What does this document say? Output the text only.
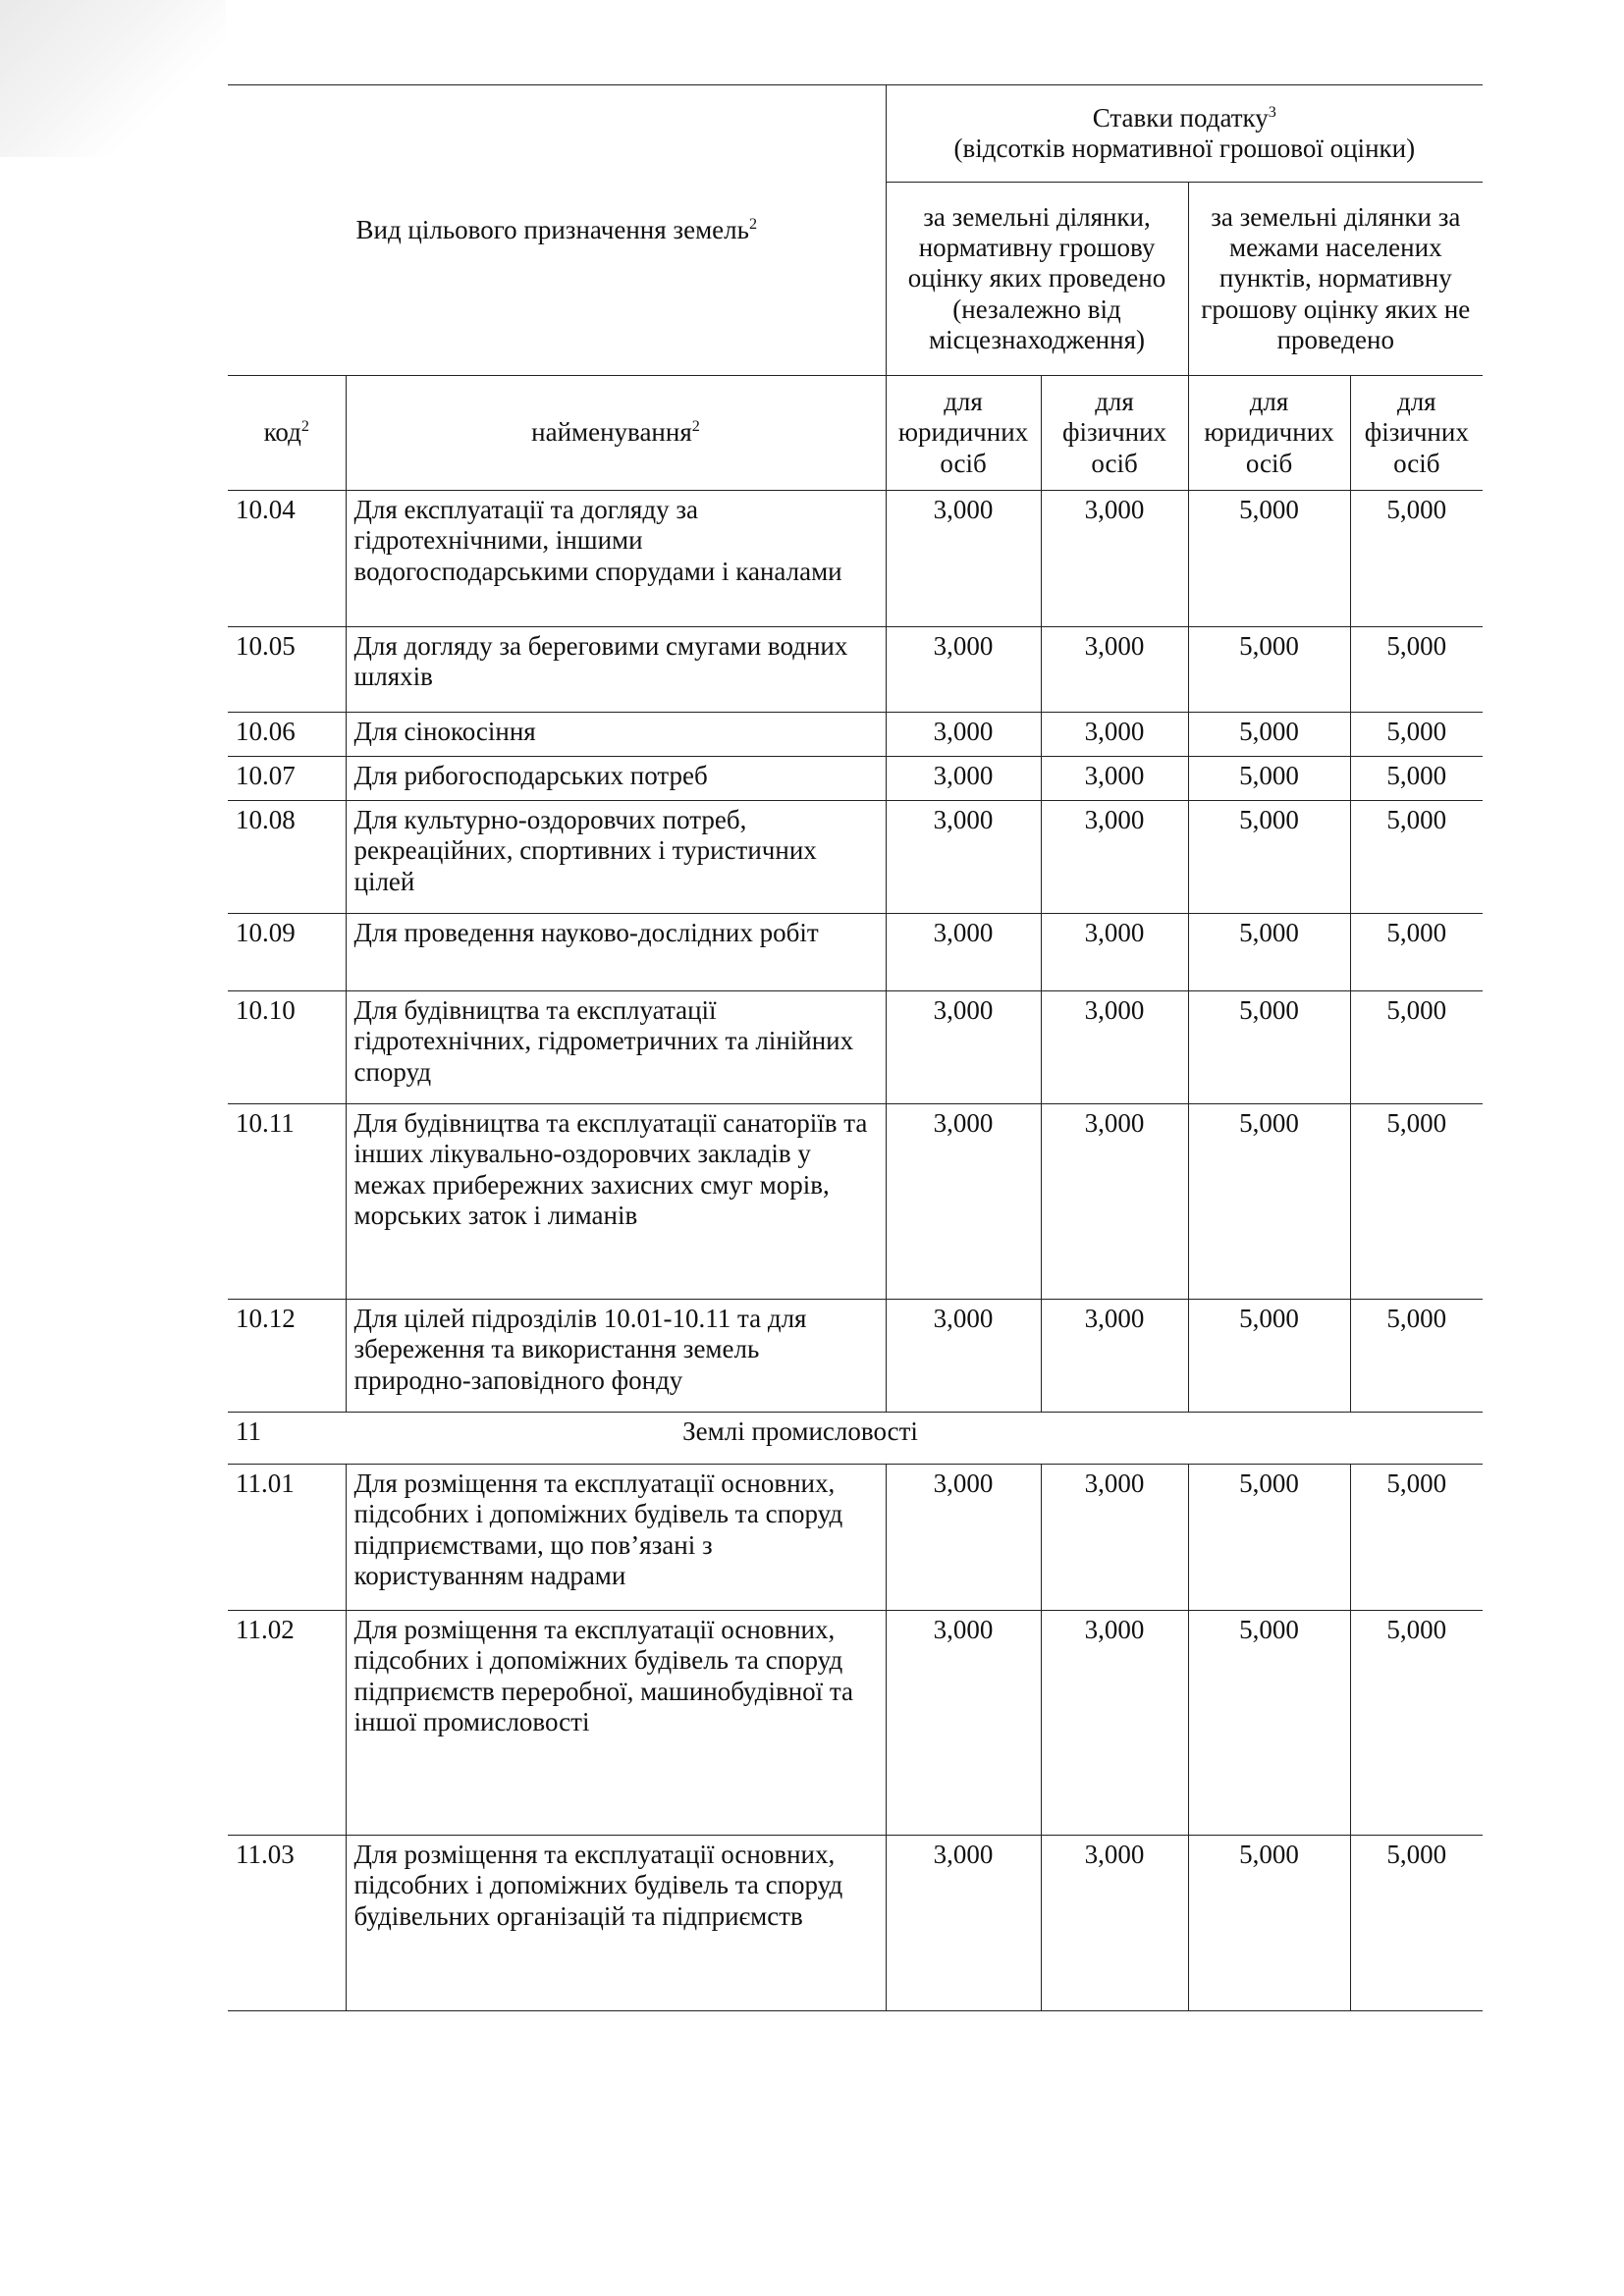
Вид цільового призначення земель$^2$		Ставки податку$^3$
(відсотків нормативної грошової оцінки)			
		за земельні ділянки, нормативну грошову оцінку яких проведено (незалежно від місцезнаходження)		за земельні ділянки за межами населених пунктів, нормативну грошову оцінку яких не проведено	
код$^2$	найменування$^2$	для юридичних осіб	для фізичних осіб	для юридичних осіб	для фізичних осіб
10.04	Для експлуатації та догляду за гідротехнічними, іншими водогосподарськими спорудами і каналами	3,000	3,000	5,000	5,000
10.05	Для догляду за береговими смугами водних шляхів	3,000	3,000	5,000	5,000
10.06	Для сінокосіння	3,000	3,000	5,000	5,000
10.07	Для рибогосподарських потреб	3,000	3,000	5,000	5,000
10.08	Для культурно-оздоровчих потреб, рекреаційних, спортивних і туристичних цілей	3,000	3,000	5,000	5,000
10.09	Для проведення науково-дослідних робіт	3,000	3,000	5,000	5,000
10.10	Для будівництва та експлуатації гідротехнічних, гідрометричних та лінійних споруд	3,000	3,000	5,000	5,000
10.11	Для будівництва та експлуатації санаторіїв та інших лікувально-оздоровчих закладів у межах прибережних захисних смуг морів, морських заток і лиманів	3,000	3,000	5,000	5,000
10.12	Для цілей підрозділів 10.01-10.11 та для збереження та використання земель природно-заповідного фонду	3,000	3,000	5,000	5,000
11	Землі промисловості				
11.01	Для розміщення та експлуатації основних, підсобних і допоміжних будівель та споруд підприємствами, що пов’язані з користуванням надрами	3,000	3,000	5,000	5,000
11.02	Для розміщення та експлуатації основних, підсобних і допоміжних будівель та споруд підприємств переробної, машинобудівної та іншої промисловості	3,000	3,000	5,000	5,000
11.03	Для розміщення та експлуатації основних, підсобних і допоміжних будівель та споруд будівельних організацій та підприємств	3,000	3,000	5,000	5,000
